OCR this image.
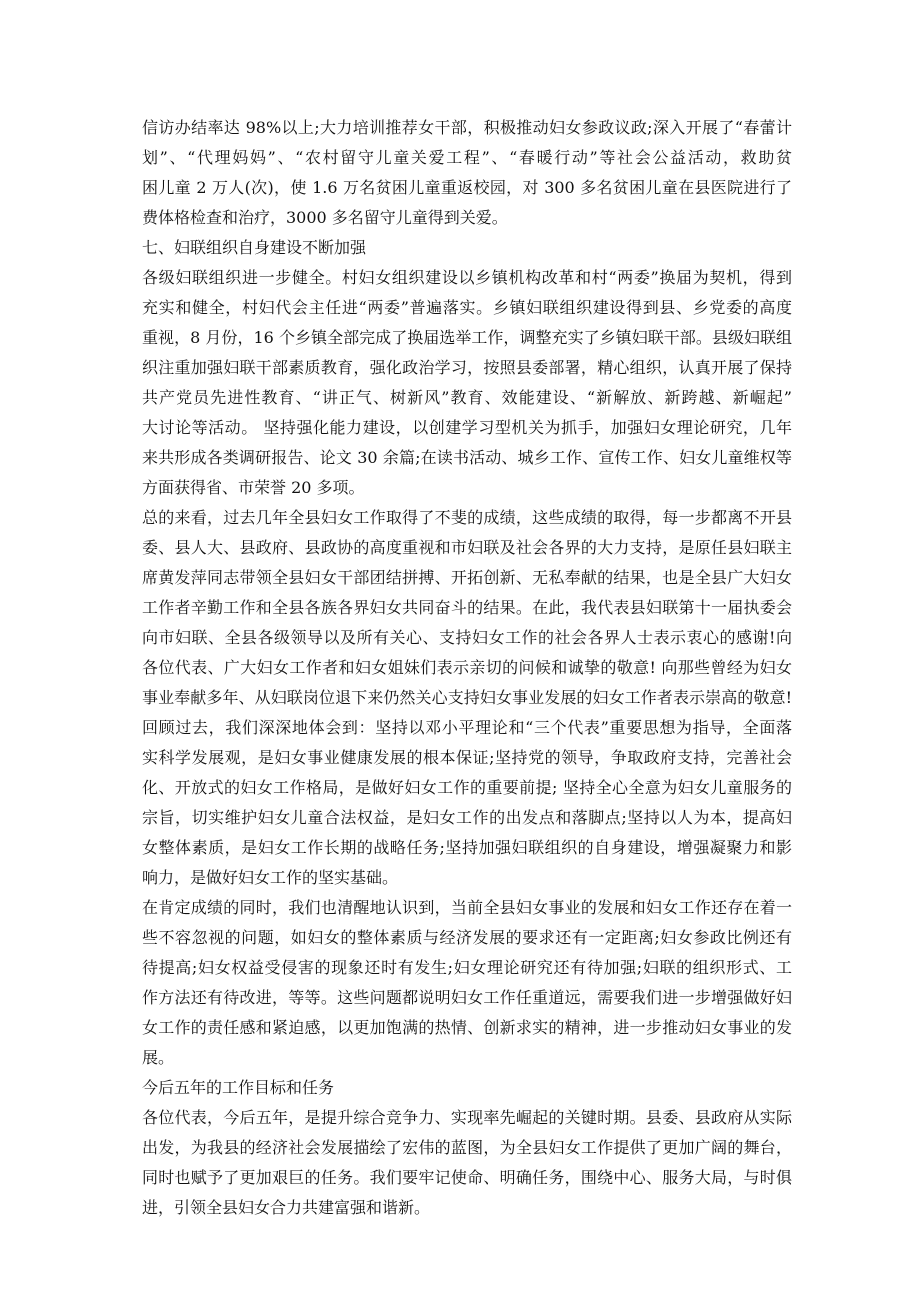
信访办结率达 98%以上;大力培训推荐女干部，积极推动妇女参政议政;深入开展了“春蕾计
划”、“代理妈妈”、“农村留守儿童关爱工程”、“春暖行动”等社会公益活动，救助贫
困儿童 2 万人(次)，使 1.6 万名贫困儿童重返校园，对 300 多名贫困儿童在县医院进行了
费体格检查和治疗，3000 多名留守儿童得到关爱。
七、妇联组织自身建设不断加强
各级妇联组织进一步健全。村妇女组织建设以乡镇机构改革和村“两委”换届为契机，得到
充实和健全，村妇代会主任进“两委”普遍落实。乡镇妇联组织建设得到县、乡党委的高度
重视，8 月份，16 个乡镇全部完成了换届选举工作，调整充实了乡镇妇联干部。县级妇联组
织注重加强妇联干部素质教育，强化政治学习，按照县委部署，精心组织，认真开展了保持
共产党员先进性教育、“讲正气、树新风”教育、效能建设、“新解放、新跨越、新崛起”
大讨论等活动。 坚持强化能力建设，以创建学习型机关为抓手，加强妇女理论研究，几年
来共形成各类调研报告、论文 30 余篇;在读书活动、城乡工作、宣传工作、妇女儿童维权等
方面获得省、市荣誉 20 多项。
总的来看，过去几年全县妇女工作取得了不斐的成绩，这些成绩的取得，每一步都离不开县
委、县人大、县政府、县政协的高度重视和市妇联及社会各界的大力支持，是原任县妇联主
席黄发萍同志带领全县妇女干部团结拼搏、开拓创新、无私奉献的结果，也是全县广大妇女
工作者辛勤工作和全县各族各界妇女共同奋斗的结果。在此，我代表县妇联第十一届执委会
向市妇联、全县各级领导以及所有关心、支持妇女工作的社会各界人士表示衷心的感谢!向
各位代表、广大妇女工作者和妇女姐妹们表示亲切的问候和诚挚的敬意! 向那些曾经为妇女
事业奉献多年、从妇联岗位退下来仍然关心支持妇女事业发展的妇女工作者表示崇高的敬意!
回顾过去，我们深深地体会到：坚持以邓小平理论和“三个代表”重要思想为指导，全面落
实科学发展观，是妇女事业健康发展的根本保证;坚持党的领导，争取政府支持，完善社会
化、开放式的妇女工作格局，是做好妇女工作的重要前提; 坚持全心全意为妇女儿童服务的
宗旨，切实维护妇女儿童合法权益，是妇女工作的出发点和落脚点;坚持以人为本，提高妇
女整体素质，是妇女工作长期的战略任务;坚持加强妇联组织的自身建设，增强凝聚力和影
响力，是做好妇女工作的坚实基础。
在肯定成绩的同时，我们也清醒地认识到，当前全县妇女事业的发展和妇女工作还存在着一
些不容忽视的问题，如妇女的整体素质与经济发展的要求还有一定距离;妇女参政比例还有
待提高;妇女权益受侵害的现象还时有发生;妇女理论研究还有待加强;妇联的组织形式、工
作方法还有待改进，等等。这些问题都说明妇女工作任重道远，需要我们进一步增强做好妇
女工作的责任感和紧迫感，以更加饱满的热情、创新求实的精神，进一步推动妇女事业的发
展。
今后五年的工作目标和任务
各位代表，今后五年，是提升综合竞争力、实现率先崛起的关键时期。县委、县政府从实际
出发，为我县的经济社会发展描绘了宏伟的蓝图，为全县妇女工作提供了更加广阔的舞台，
同时也赋予了更加艰巨的任务。我们要牢记使命、明确任务，围绕中心、服务大局，与时俱
进，引领全县妇女合力共建富强和谐新。
